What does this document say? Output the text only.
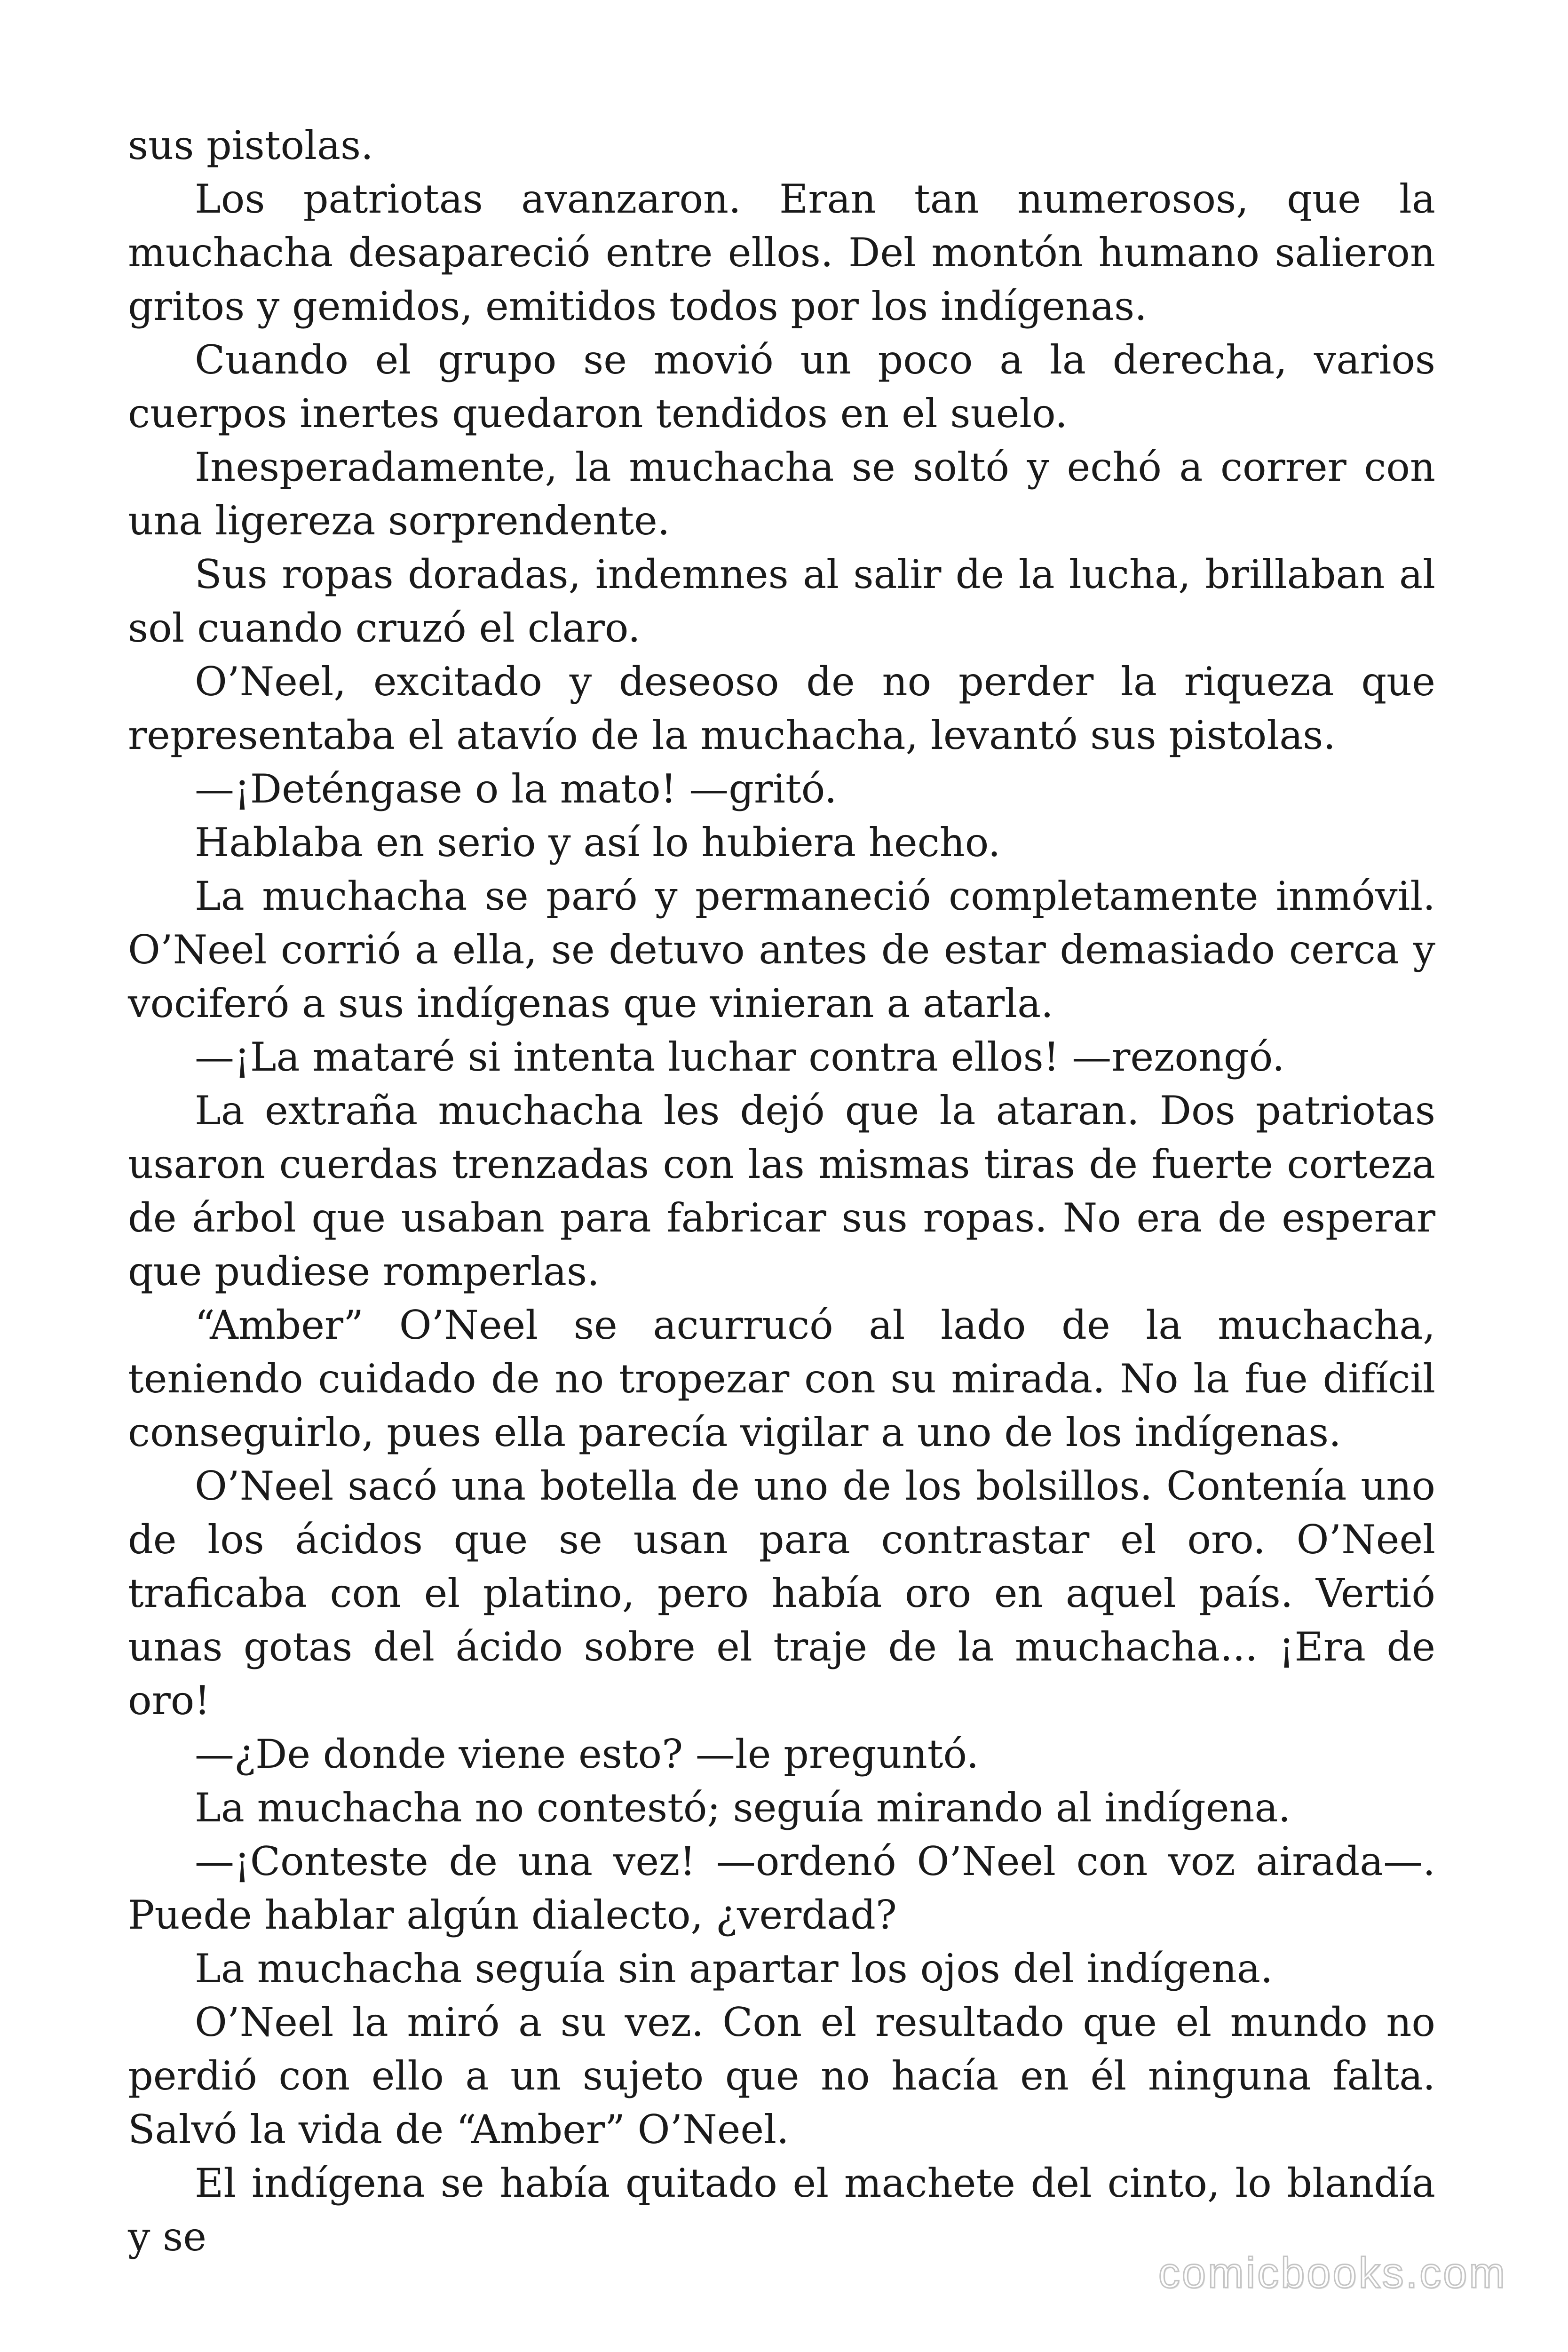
sus pistolas.

Los patriotas avanzaron. Eran tan numerosos, que la muchacha desapareció entre ellos. Del montón humano salieron gritos y gemidos, emitidos todos por los indígenas.

Cuando el grupo se movió un poco a la derecha, varios cuerpos inertes quedaron tendidos en el suelo.

Inesperadamente, la muchacha se soltó y echó a correr con una ligereza sorprendente.

Sus ropas doradas, indemnes al salir de la lucha, brillaban al sol cuando cruzó el claro.

O’Neel, excitado y deseoso de no perder la riqueza que representaba el atavío de la muchacha, levantó sus pistolas.

—¡Deténgase o la mato! —gritó.

Hablaba en serio y así lo hubiera hecho.

La muchacha se paró y permaneció completamente inmóvil. O’Neel corrió a ella, se detuvo antes de estar demasiado cerca y vociferó a sus indígenas que vinieran a atarla.

—¡La mataré si intenta luchar contra ellos! —rezongó.

La extraña muchacha les dejó que la ataran. Dos patriotas usaron cuerdas trenzadas con las mismas tiras de fuerte corteza de árbol que usaban para fabricar sus ropas. No era de esperar que pudiese romperlas.

“Amber” O’Neel se acurrucó al lado de la muchacha, teniendo cuidado de no tropezar con su mirada. No la fue difícil conseguirlo, pues ella parecía vigilar a uno de los indígenas.

O’Neel sacó una botella de uno de los bolsillos. Contenía uno de los ácidos que se usan para contrastar el oro. O’Neel traficaba con el platino, pero había oro en aquel país. Vertió unas gotas del ácido sobre el traje de la muchacha... ¡Era de oro!

—¿De donde viene esto? —le preguntó.

La muchacha no contestó; seguía mirando al indígena.

—¡Conteste de una vez! —ordenó O’Neel con voz airada—. Puede hablar algún dialecto, ¿verdad?

La muchacha seguía sin apartar los ojos del indígena.

O’Neel la miró a su vez. Con el resultado que el mundo no perdió con ello a un sujeto que no hacía en él ninguna falta. Salvó la vida de “Amber” O’Neel.

El indígena se había quitado el machete del cinto, lo blandía y se

comicbooks.com
